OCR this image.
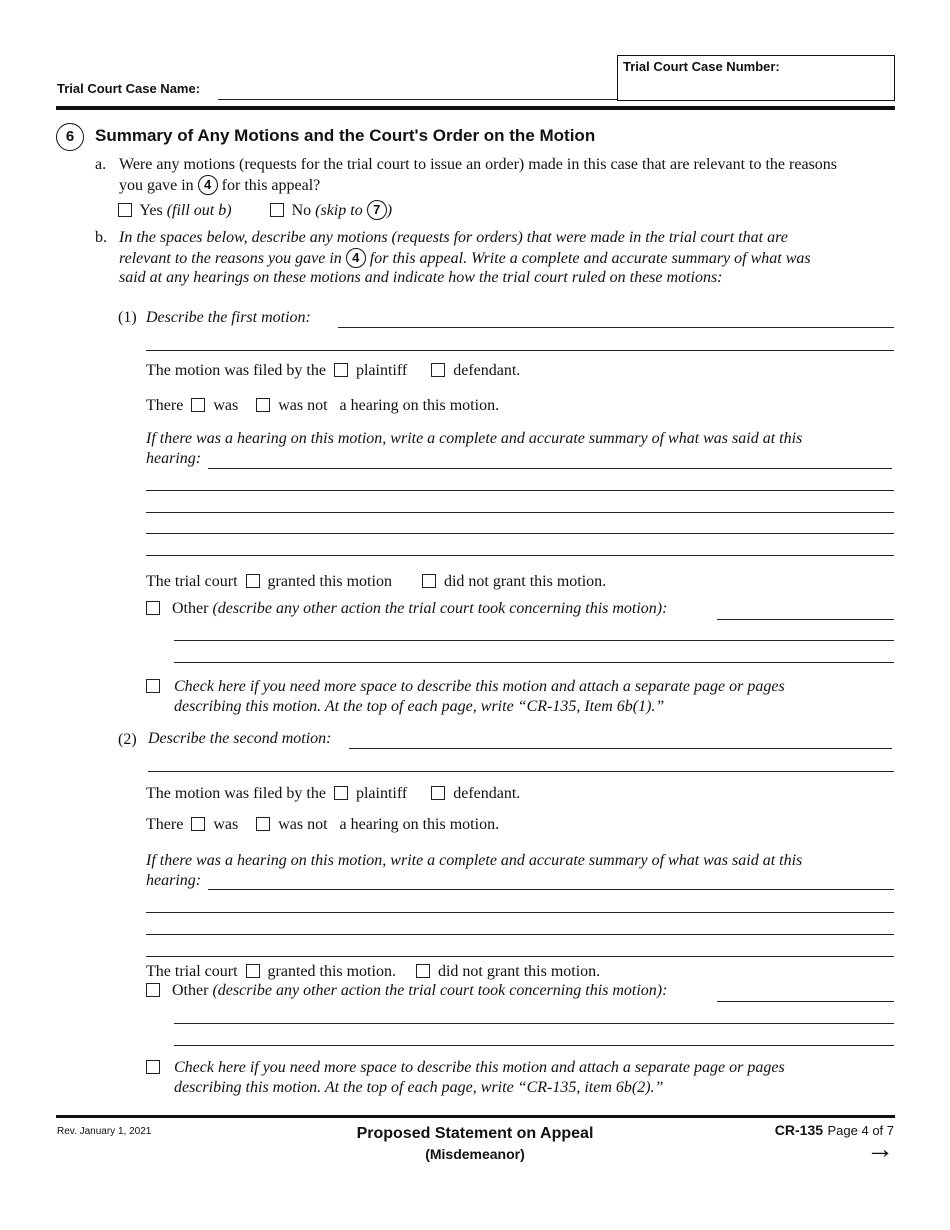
Trial Court Case Name:
Trial Court Case Number:
6	Summary of Any Motions and the Court's Order on the Motion
a. Were any motions (requests for the trial court to issue an order) made in this case that are relevant to the reasons
you gave in 4 for this appeal?
Yes (fill out b)	No (skip to 7 )
b. In the spaces below, describe any motions (requests for orders) that were made in the trial court that are
relevant to the reasons you gave in 4 for this appeal. Write a complete and accurate summary of what was
said at any hearings on these motions and indicate how the trial court ruled on these motions:
(1) Describe the first motion:
The motion was filed by the plaintiff	defendant.
There was	was not a hearing on this motion.
If there was a hearing on this motion, write a complete and accurate summary of what was said at this
hearing:
The trial court granted this motion	did not grant this motion.
Other (describe any other action the trial court took concerning this motion):
Check here if you need more space to describe this motion and attach a separate page or pages
describing this motion. At the top of each page, write “CR-135, Item 6b(1).”
(2) Describe the second motion:
The motion was filed by the plaintiff	defendant.
There was	was not a hearing on this motion.
If there was a hearing on this motion, write a complete and accurate summary of what was said at this
hearing:
The trial court granted this motion.	did not grant this motion.
Other (describe any other action the trial court took concerning this motion):
Check here if you need more space to describe this motion and attach a separate page or pages
describing this motion. At the top of each page, write “CR-135, item 6b(2).”
Rev. January 1, 2021	Proposed Statement on Appeal
(Misdemeanor)
CR-135 Page 4 of 7
→
